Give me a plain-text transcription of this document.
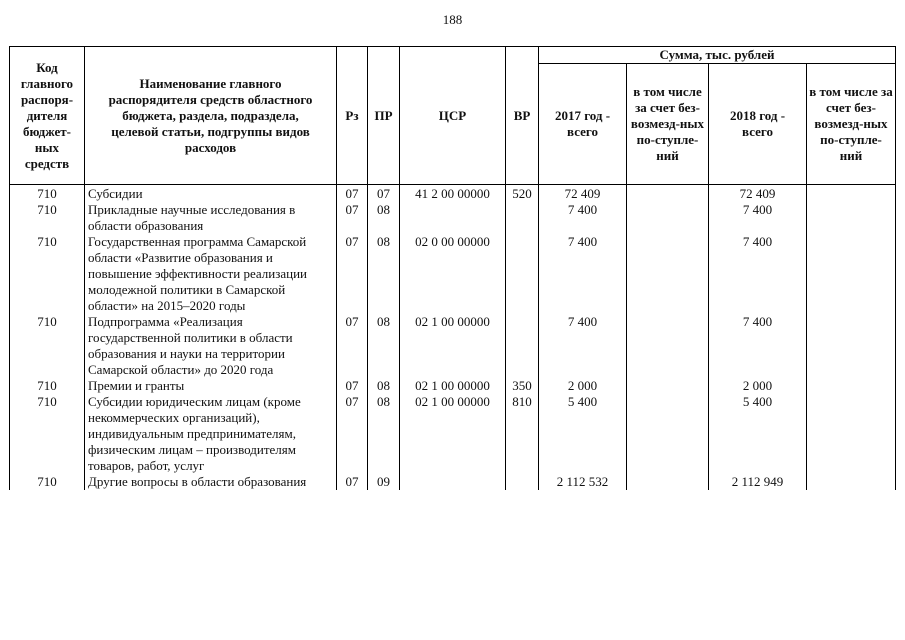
188
Код главного распоря-дителя бюджет-ных средств	Наименование главного распорядителя средств областного бюджета, раздела, подраздела, целевой статьи, подгруппы видов расходов	Рз	ПР	ЦСР	ВР	Сумма, тыс. рублей			
						2017 год - всего	в том числе за счет без-возмезд-ных по-ступле-ний	2018 год - всего	в том числе за счет без-возмезд-ных по-ступле-ний
710	Субсидии	07	07	41 2 00 00000	520	72 409		72 409	
710	Прикладные научные исследования в области образования	07	08			7 400		7 400	
710	Государственная программа Самарской области «Развитие образования и повышение эффективности реализации молодежной политики в Самарской области» на 2015–2020 годы	07	08	02 0 00 00000		7 400		7 400	
710	Подпрограмма «Реализация государственной политики в области образования и науки на территории Самарской области» до 2020 года	07	08	02 1 00 00000		7 400		7 400	
710	Премии и гранты	07	08	02 1 00 00000	350	2 000		2 000	
710	Субсидии юридическим лицам (кроме некоммерческих организаций), индивидуальным предпринимателям, физическим лицам – производителям товаров, работ, услуг	07	08	02 1 00 00000	810	5 400		5 400	
710	Другие вопросы в области образования	07	09			2 112 532		2 112 949	
